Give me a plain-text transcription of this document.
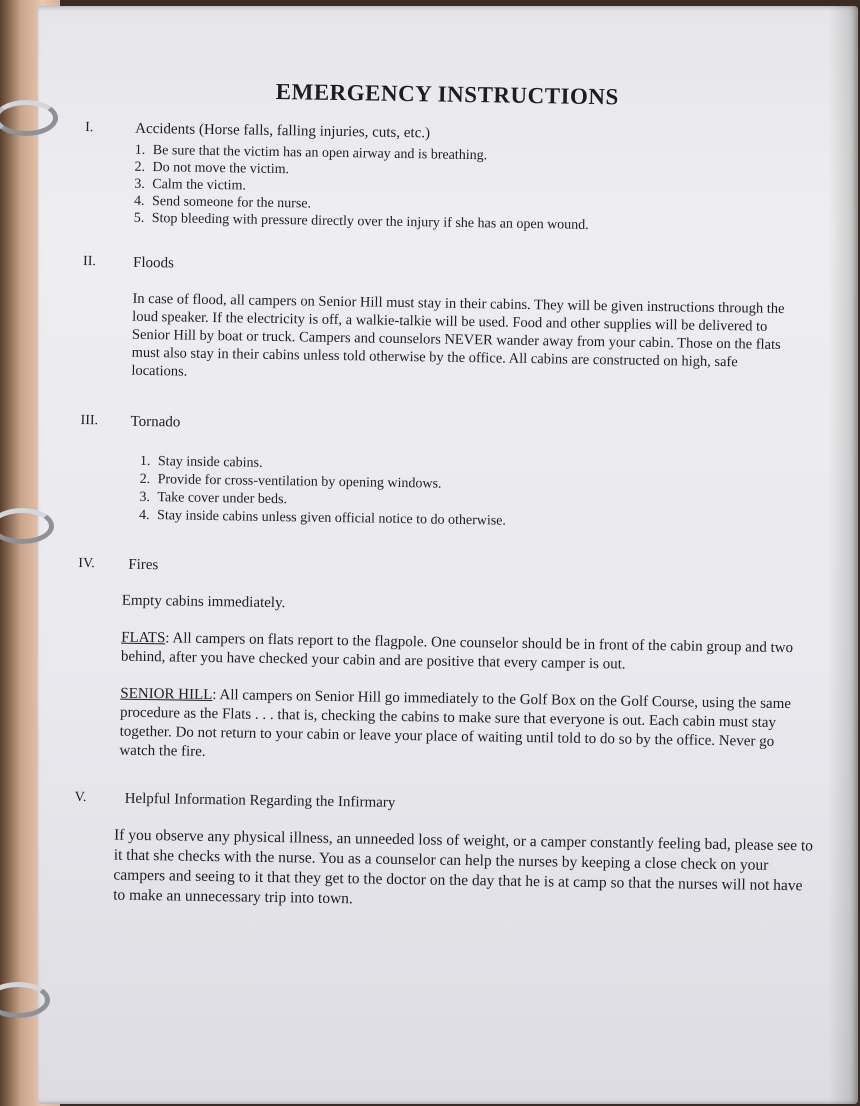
EMERGENCY INSTRUCTIONS
I.	Accidents (Horse falls, falling injuries, cuts, etc.)
1. Be sure that the victim has an open airway and is breathing.
2. Do not move the victim.
3. Calm the victim.
4. Send someone for the nurse.
5. Stop bleeding with pressure directly over the injury if she has an open wound.
II. Floods

In case of flood, all campers on Senior Hill must stay in their cabins. They will be given instructions through the loud speaker. If the electricity is off, a walkie-talkie will be used. Food and other supplies will be delivered to Senior Hill by boat or truck. Campers and counselors NEVER wander away from your cabin. Those on the flats must also stay in their cabins unless told otherwise by the office. All cabins are constructed on high, safe locations.

III. Tornado
1. Stay inside cabins.
2. Provide for cross-ventilation by opening windows.
3. Take cover under beds.
4. Stay inside cabins unless given official notice to do otherwise.
IV. Fires

Empty cabins immediately.

FLATS: All campers on flats report to the flagpole. One counselor should be in front of the cabin group and two behind, after you have checked your cabin and are positive that every camper is out.

SENIOR HILL: All campers on Senior Hill go immediately to the Golf Box on the Golf Course, using the same procedure as the Flats . . . that is, checking the cabins to make sure that everyone is out. Each cabin must stay together. Do not return to your cabin or leave your place of waiting until told to do so by the office. Never go watch the fire.

V.	Helpful Information Regarding the Infirmary

If you observe any physical illness, an unneeded loss of weight, or a camper constantly feeling bad, please see to it that she checks with the nurse. You as a counselor can help the nurses by keeping a close check on your campers and seeing to it that they get to the doctor on the day that he is at camp so that the nurses will not have to make an unnecessary trip into town.
